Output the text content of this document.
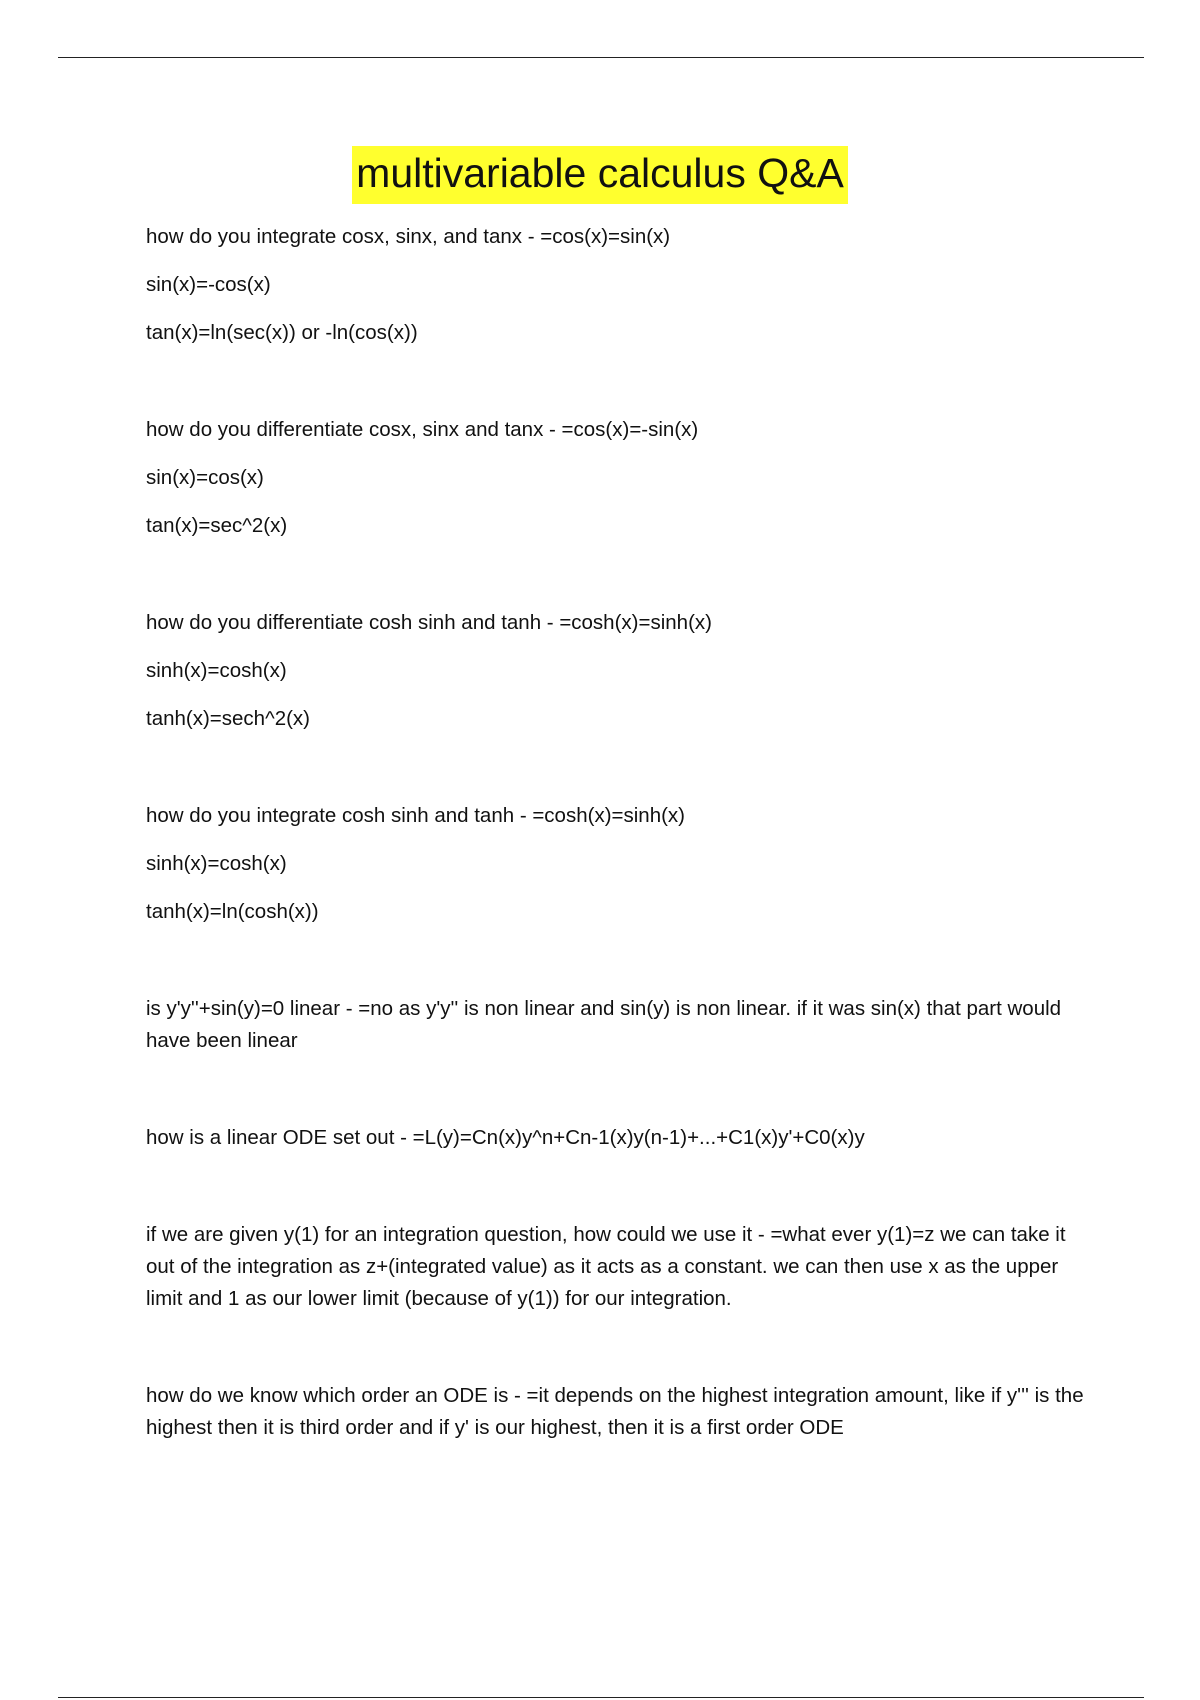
multivariable calculus Q&A
how do you integrate cosx, sinx, and tanx - =cos(x)=sin(x)
sin(x)=-cos(x)
tan(x)=ln(sec(x)) or -ln(cos(x))
how do you differentiate cosx, sinx and tanx - =cos(x)=-sin(x)
sin(x)=cos(x)
tan(x)=sec^2(x)
how do you differentiate cosh sinh and tanh - =cosh(x)=sinh(x)
sinh(x)=cosh(x)
tanh(x)=sech^2(x)
how do you integrate cosh sinh and tanh - =cosh(x)=sinh(x)
sinh(x)=cosh(x)
tanh(x)=ln(cosh(x))

is y'y''+sin(y)=0 linear - =no as y'y'' is non linear and sin(y) is non linear. if it was sin(x) that part would have been linear

how is a linear ODE set out - =L(y)=Cn(x)y^n+Cn-1(x)y(n-1)+...+C1(x)y'+C0(x)y

if we are given y(1) for an integration question, how could we use it - =what ever y(1)=z we can take it out of the integration as z+(integrated value) as it acts as a constant. we can then use x as the upper limit and 1 as our lower limit (because of y(1)) for our integration.

how do we know which order an ODE is - =it depends on the highest integration amount, like if y''' is the highest then it is third order and if y' is our highest, then it is a first order ODE
